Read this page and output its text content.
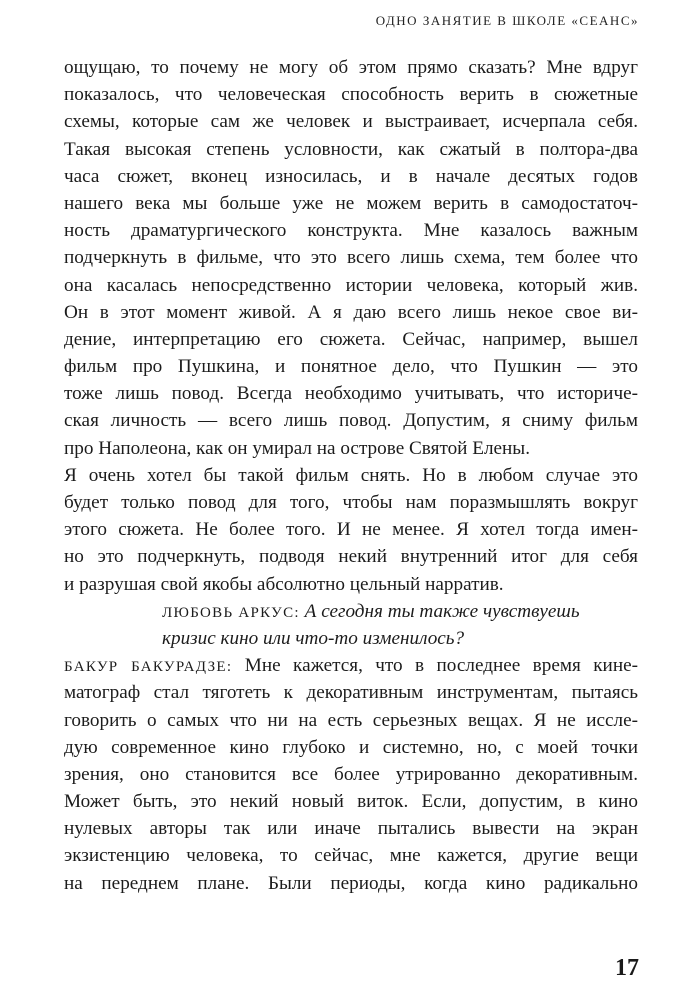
ОДНО ЗАНЯТИЕ В ШКОЛЕ «СЕАНС»
ощущаю, то почему не могу об этом прямо сказать? Мне вдруг
показалось, что человеческая способность верить в сюжетные
схемы, которые сам же человек и выстраивает, исчерпала себя.
Такая высокая степень условности, как сжатый в полтора-два
часа сюжет, вконец износилась, и в начале десятых годов
нашего века мы больше уже не можем верить в самодостаточ-
ность драматургического конструкта. Мне казалось важным
подчеркнуть в фильме, что это всего лишь схема, тем более что
она касалась непосредственно истории человека, который жив.
Он в этот момент живой. А я даю всего лишь некое свое ви-
дение, интерпретацию его сюжета. Сейчас, например, вышел
фильм про Пушкина, и понятное дело, что Пушкин — это
тоже лишь повод. Всегда необходимо учитывать, что историче-
ская личность — всего лишь повод. Допустим, я сниму фильм
про Наполеона, как он умирал на острове Святой Елены.
Я очень хотел бы такой фильм снять. Но в любом случае это
будет только повод для того, чтобы нам поразмышлять вокруг
этого сюжета. Не более того. И не менее. Я хотел тогда имен-
но это подчеркнуть, подводя некий внутренний итог для себя
и разрушая свой якобы абсолютно цельный нарратив.
ЛЮБОВЬ АРКУС: А сегодня ты также чувствуешь
кризис кино или что-то изменилось?
БАКУР БАКУРАДЗЕ: Мне кажется, что в последнее время кине-
матограф стал тяготеть к декоративным инструментам, пытаясь
говорить о самых что ни на есть серьезных вещах. Я не иссле-
дую современное кино глубоко и системно, но, с моей точки
зрения, оно становится все более утрированно декоративным.
Может быть, это некий новый виток. Если, допустим, в кино
нулевых авторы так или иначе пытались вывести на экран
экзистенцию человека, то сейчас, мне кажется, другие вещи
на переднем плане. Были периоды, когда кино радикально
17
